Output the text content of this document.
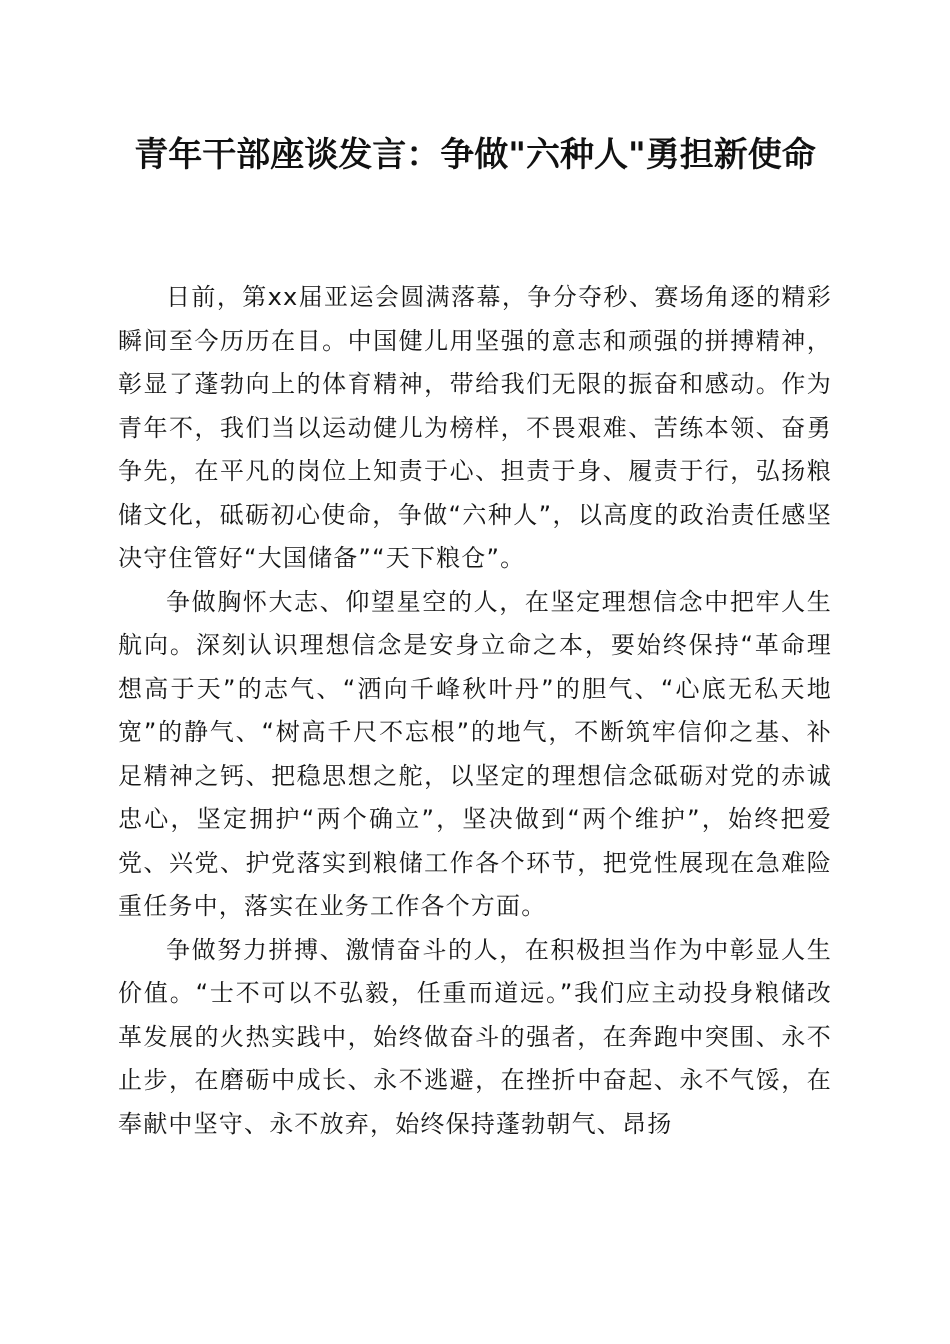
青年干部座谈发言：争做"六种人"勇担新使命

日前，第xx届亚运会圆满落幕，争分夺秒、赛场角逐的精彩瞬间至今历历在目。中国健儿用坚强的意志和顽强的拼搏精神，彰显了蓬勃向上的体育精神，带给我们无限的振奋和感动。作为青年不，我们当以运动健儿为榜样，不畏艰难、苦练本领、奋勇争先，在平凡的岗位上知责于心、担责于身、履责于行，弘扬粮储文化，砥砺初心使命，争做“六种人”，以高度的政治责任感坚决守住管好“大国储备”“天下粮仓”。

争做胸怀大志、仰望星空的人，在坚定理想信念中把牢人生航向。深刻认识理想信念是安身立命之本，要始终保持“革命理想高于天”的志气、“洒向千峰秋叶丹”的胆气、“心底无私天地宽”的静气、“树高千尺不忘根”的地气，不断筑牢信仰之基、补足精神之钙、把稳思想之舵，以坚定的理想信念砥砺对党的赤诚忠心，坚定拥护“两个确立”，坚决做到“两个维护”，始终把爱党、兴党、护党落实到粮储工作各个环节，把党性展现在急难险重任务中，落实在业务工作各个方面。

争做努力拼搏、激情奋斗的人，在积极担当作为中彰显人生价值。“士不可以不弘毅，任重而道远。”我们应主动投身粮储改革发展的火热实践中，始终做奋斗的强者，在奔跑中突围、永不止步，在磨砺中成长、永不逃避，在挫折中奋起、永不气馁，在奉献中坚守、永不放弃，始终保持蓬勃朝气、昂扬
